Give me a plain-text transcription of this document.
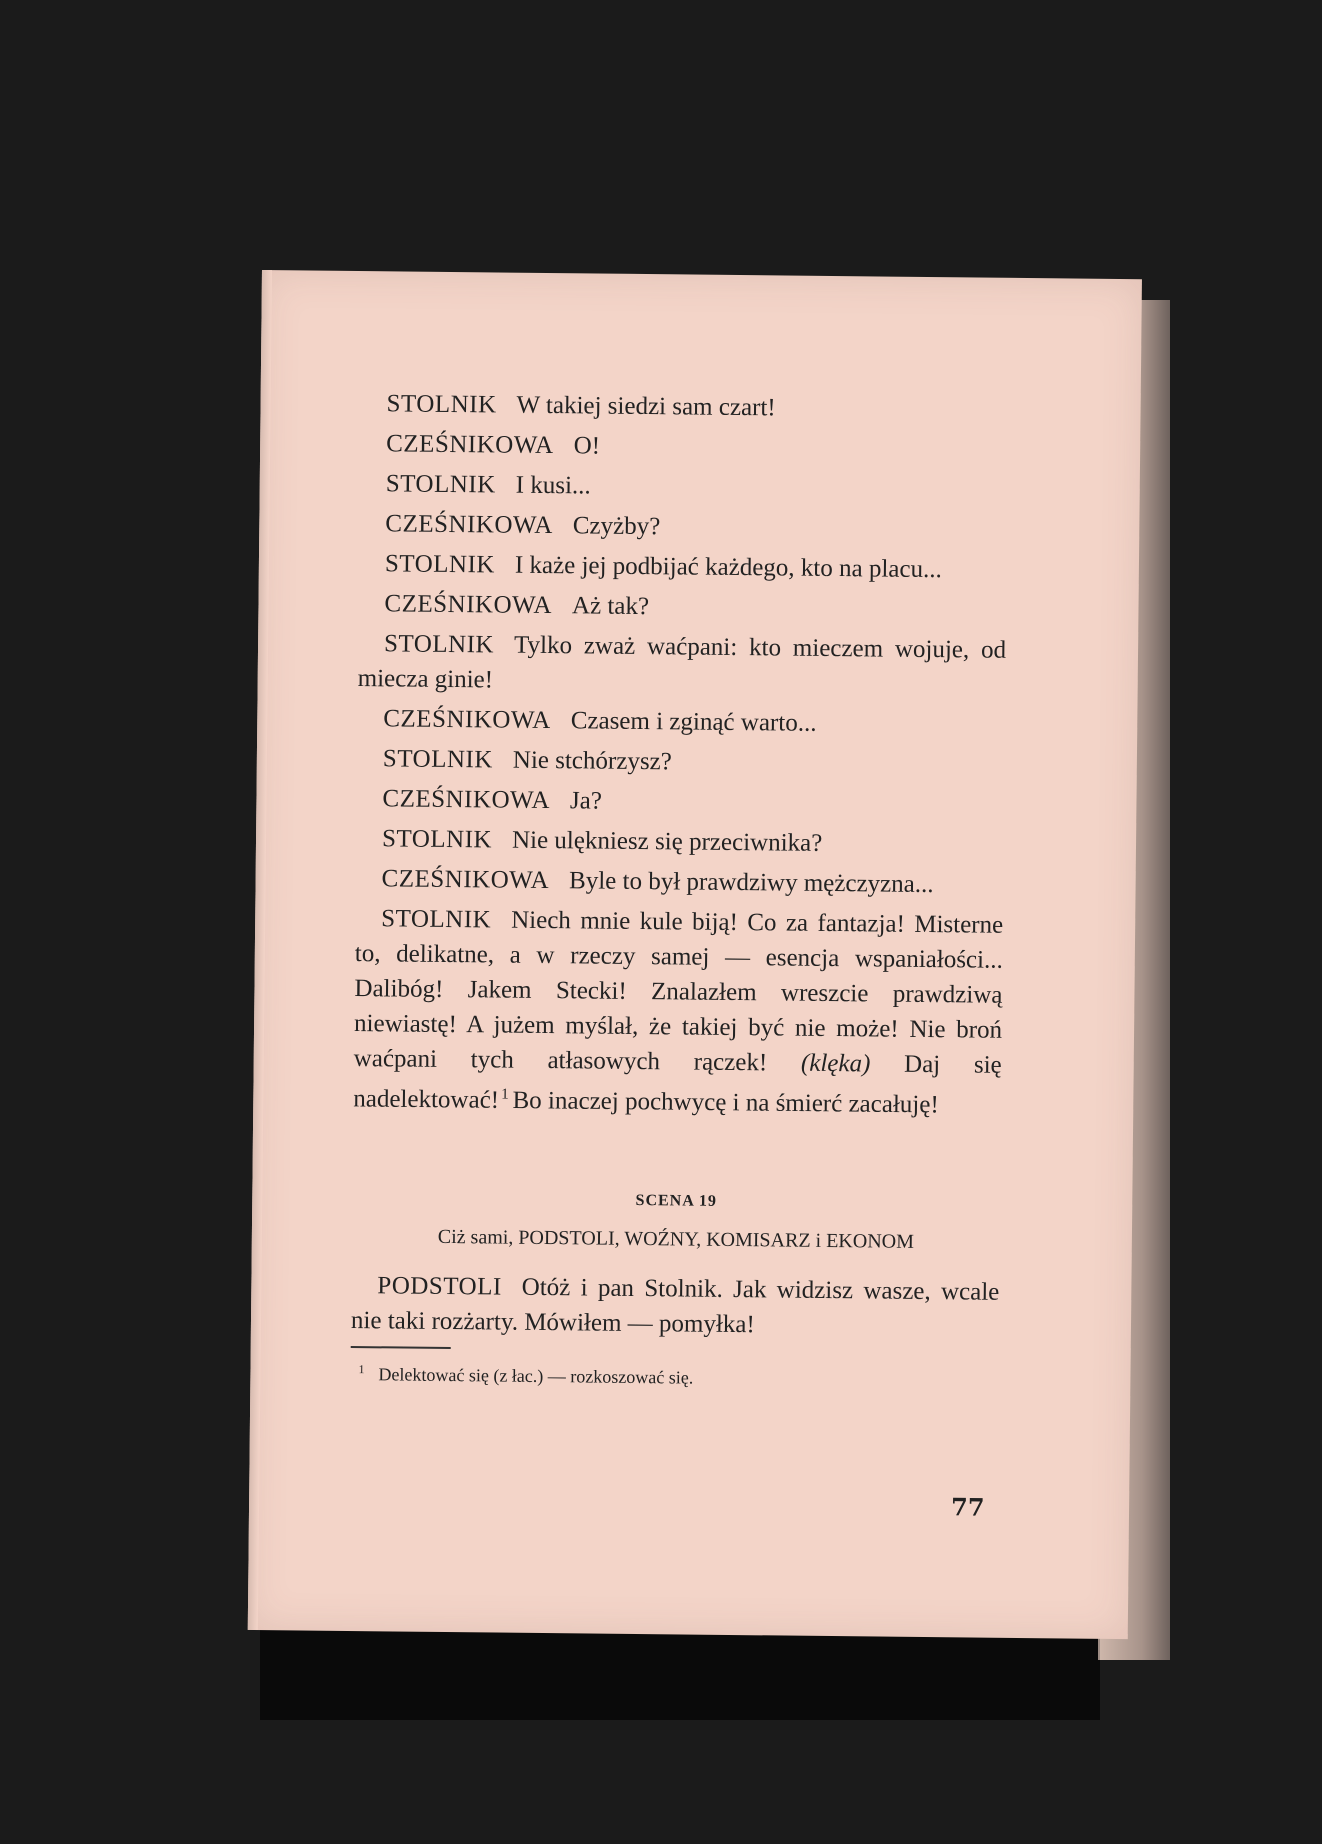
STOLNIK W takiej siedzi sam czart!

CZEŚNIKOWA O!

STOLNIK I kusi...

CZEŚNIKOWA Czyżby?

STOLNIK I każe jej podbijać każdego, kto na placu...

CZEŚNIKOWA Aż tak?

STOLNIK Tylko zważ waćpani: kto mieczem wojuje, od miecza ginie!

CZEŚNIKOWA Czasem i zginąć warto...

STOLNIK Nie stchórzysz?

CZEŚNIKOWA Ja?

STOLNIK Nie ulękniesz się przeciwnika?

CZEŚNIKOWA Byle to był prawdziwy mężczyzna...

STOLNIK Niech mnie kule biją! Co za fantazja! Misterne to, delikatne, a w rzeczy samej — esencja wspaniałości... Dalibóg! Jakem Stecki! Znalazłem wreszcie prawdziwą niewiastę! A jużem myślał, że takiej być nie może! Nie broń waćpani tych atłasowych rączek! (klęka) Daj się nadelektować! $^1$ Bo inaczej pochwycę i na śmierć zacałuję!

SCENA 19
Ciż sami, PODSTOLI, WOŹNY, KOMISARZ i EKONOM

PODSTOLI Otóż i pan Stolnik. Jak widzisz wasze, wcale nie taki rozżarty. Mówiłem — pomyłka!

$^1$ Delektować się (z łac.) — rozkoszować się.
77
